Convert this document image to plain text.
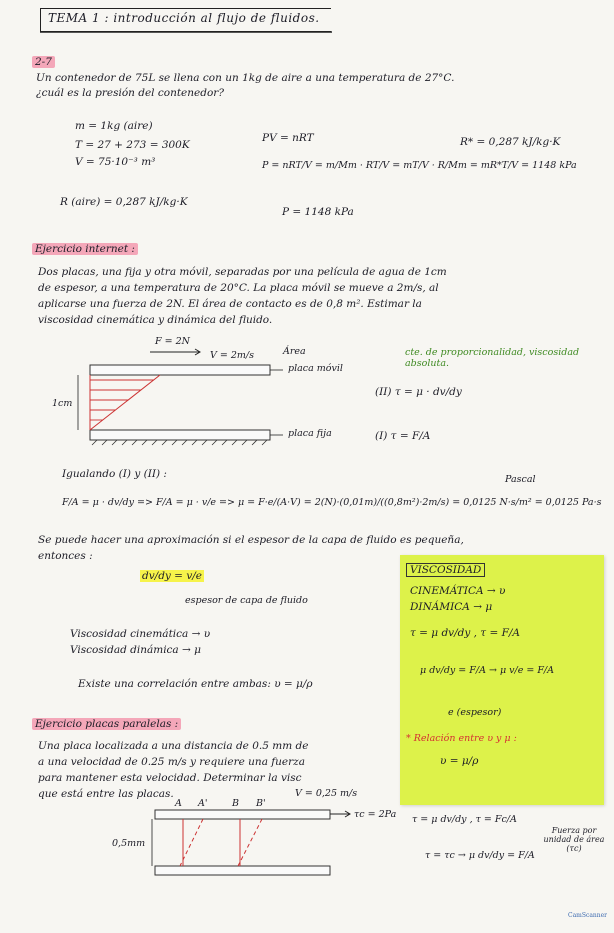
TEMA 1 : introducción al flujo de fluidos.
2-7
Un contenedor de 75L se llena con un 1kg de aire a una temperatura de 27°C.
¿cuál es la presión del contenedor?
m = 1kg (aire)
T = 27 + 273 = 300K
V = 75·10⁻³ m³
R (aire) = 0,287 kJ/kg·K
PV = nRT	R* = 0,287 kJ/kg·K
P = nRT/V = m/Mm · RT/V = mT/V · R/Mm = mR*T/V = 1148 kPa
P = 1148 kPa
Ejercicio internet :
Dos placas, una fija y otra móvil, separadas por una película de agua de 1cm
de espesor, a una temperatura de 20°C. La placa móvil se mueve a 2m/s, al
aplicarse una fuerza de 2N. El área de contacto es de 0,8 m². Estimar la
viscosidad cinemática y dinámica del fluido.
F = 2N
V = 2m/s	Área
placa móvil
placa fija
1cm
cte. de proporcionalidad, viscosidad absoluta.
(II) τ = μ · dv/dy
(I) τ = F/A
Igualando (I) y (II) :	Pascal
F/A = μ · dv/dy => F/A = μ · v/e => μ = F·e/(A·V) = 2(N)·(0,01m)/((0,8m²)·2m/s) = 0,0125 N·s/m² = 0,0125 Pa·s
Se puede hacer una aproximación si el espesor de la capa de fluido es pequeña,
entonces :
dv/dy = v/e
espesor de capa de fluido
Viscosidad cinemática → υ
Viscosidad dinámica → μ
Existe una correlación entre ambas: υ = μ/ρ
VISCOSIDAD
CINEMÁTICA → υ
DINÁMICA → μ
τ = μ dv/dy , τ = F/A
μ dv/dy = F/A → μ v/e = F/A
e (espesor)
* Relación entre υ y μ :
υ = μ/ρ
Ejercicio placas paralelas :
Una placa localizada a una distancia de 0.5 mm de
a una velocidad de 0.25 m/s y requiere una fuerza
para mantener esta velocidad. Determinar la visc
que está entre las placas.
A A'	B B'
V = 0,25 m/s
0,5mm
τc = 2Pa τ = μ dv/dy , τ = Fc/A
τ = τc → μ dv/dy = F/A
Fuerza por unidad de área (τc)
CamScanner
